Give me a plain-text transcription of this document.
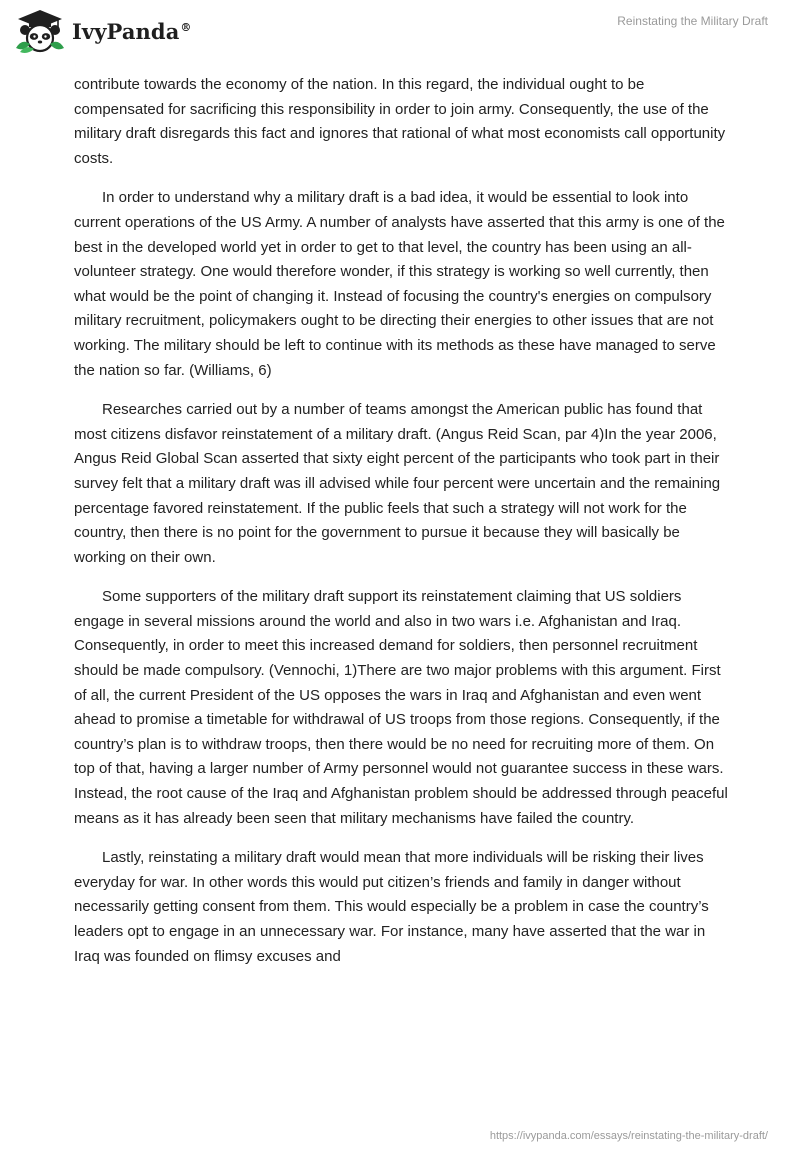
IvyPanda®	Reinstating the Military Draft

contribute towards the economy of the nation. In this regard, the individual ought to be compensated for sacrificing this responsibility in order to join army. Consequently, the use of the military draft disregards this fact and ignores that rational of what most economists call opportunity costs.

In order to understand why a military draft is a bad idea, it would be essential to look into current operations of the US Army. A number of analysts have asserted that this army is one of the best in the developed world yet in order to get to that level, the country has been using an all-volunteer strategy. One would therefore wonder, if this strategy is working so well currently, then what would be the point of changing it. Instead of focusing the country's energies on compulsory military recruitment, policymakers ought to be directing their energies to other issues that are not working. The military should be left to continue with its methods as these have managed to serve the nation so far. (Williams, 6)

Researches carried out by a number of teams amongst the American public has found that most citizens disfavor reinstatement of a military draft. (Angus Reid Scan, par 4)In the year 2006, Angus Reid Global Scan asserted that sixty eight percent of the participants who took part in their survey felt that a military draft was ill advised while four percent were uncertain and the remaining percentage favored reinstatement. If the public feels that such a strategy will not work for the country, then there is no point for the government to pursue it because they will basically be working on their own.

Some supporters of the military draft support its reinstatement claiming that US soldiers engage in several missions around the world and also in two wars i.e. Afghanistan and Iraq. Consequently, in order to meet this increased demand for soldiers, then personnel recruitment should be made compulsory. (Vennochi, 1)There are two major problems with this argument. First of all, the current President of the US opposes the wars in Iraq and Afghanistan and even went ahead to promise a timetable for withdrawal of US troops from those regions. Consequently, if the country’s plan is to withdraw troops, then there would be no need for recruiting more of them. On top of that, having a larger number of Army personnel would not guarantee success in these wars. Instead, the root cause of the Iraq and Afghanistan problem should be addressed through peaceful means as it has already been seen that military mechanisms have failed the country.

Lastly, reinstating a military draft would mean that more individuals will be risking their lives everyday for war. In other words this would put citizen’s friends and family in danger without necessarily getting consent from them. This would especially be a problem in case the country’s leaders opt to engage in an unnecessary war. For instance, many have asserted that the war in Iraq was founded on flimsy excuses and

https://ivypanda.com/essays/reinstating-the-military-draft/
